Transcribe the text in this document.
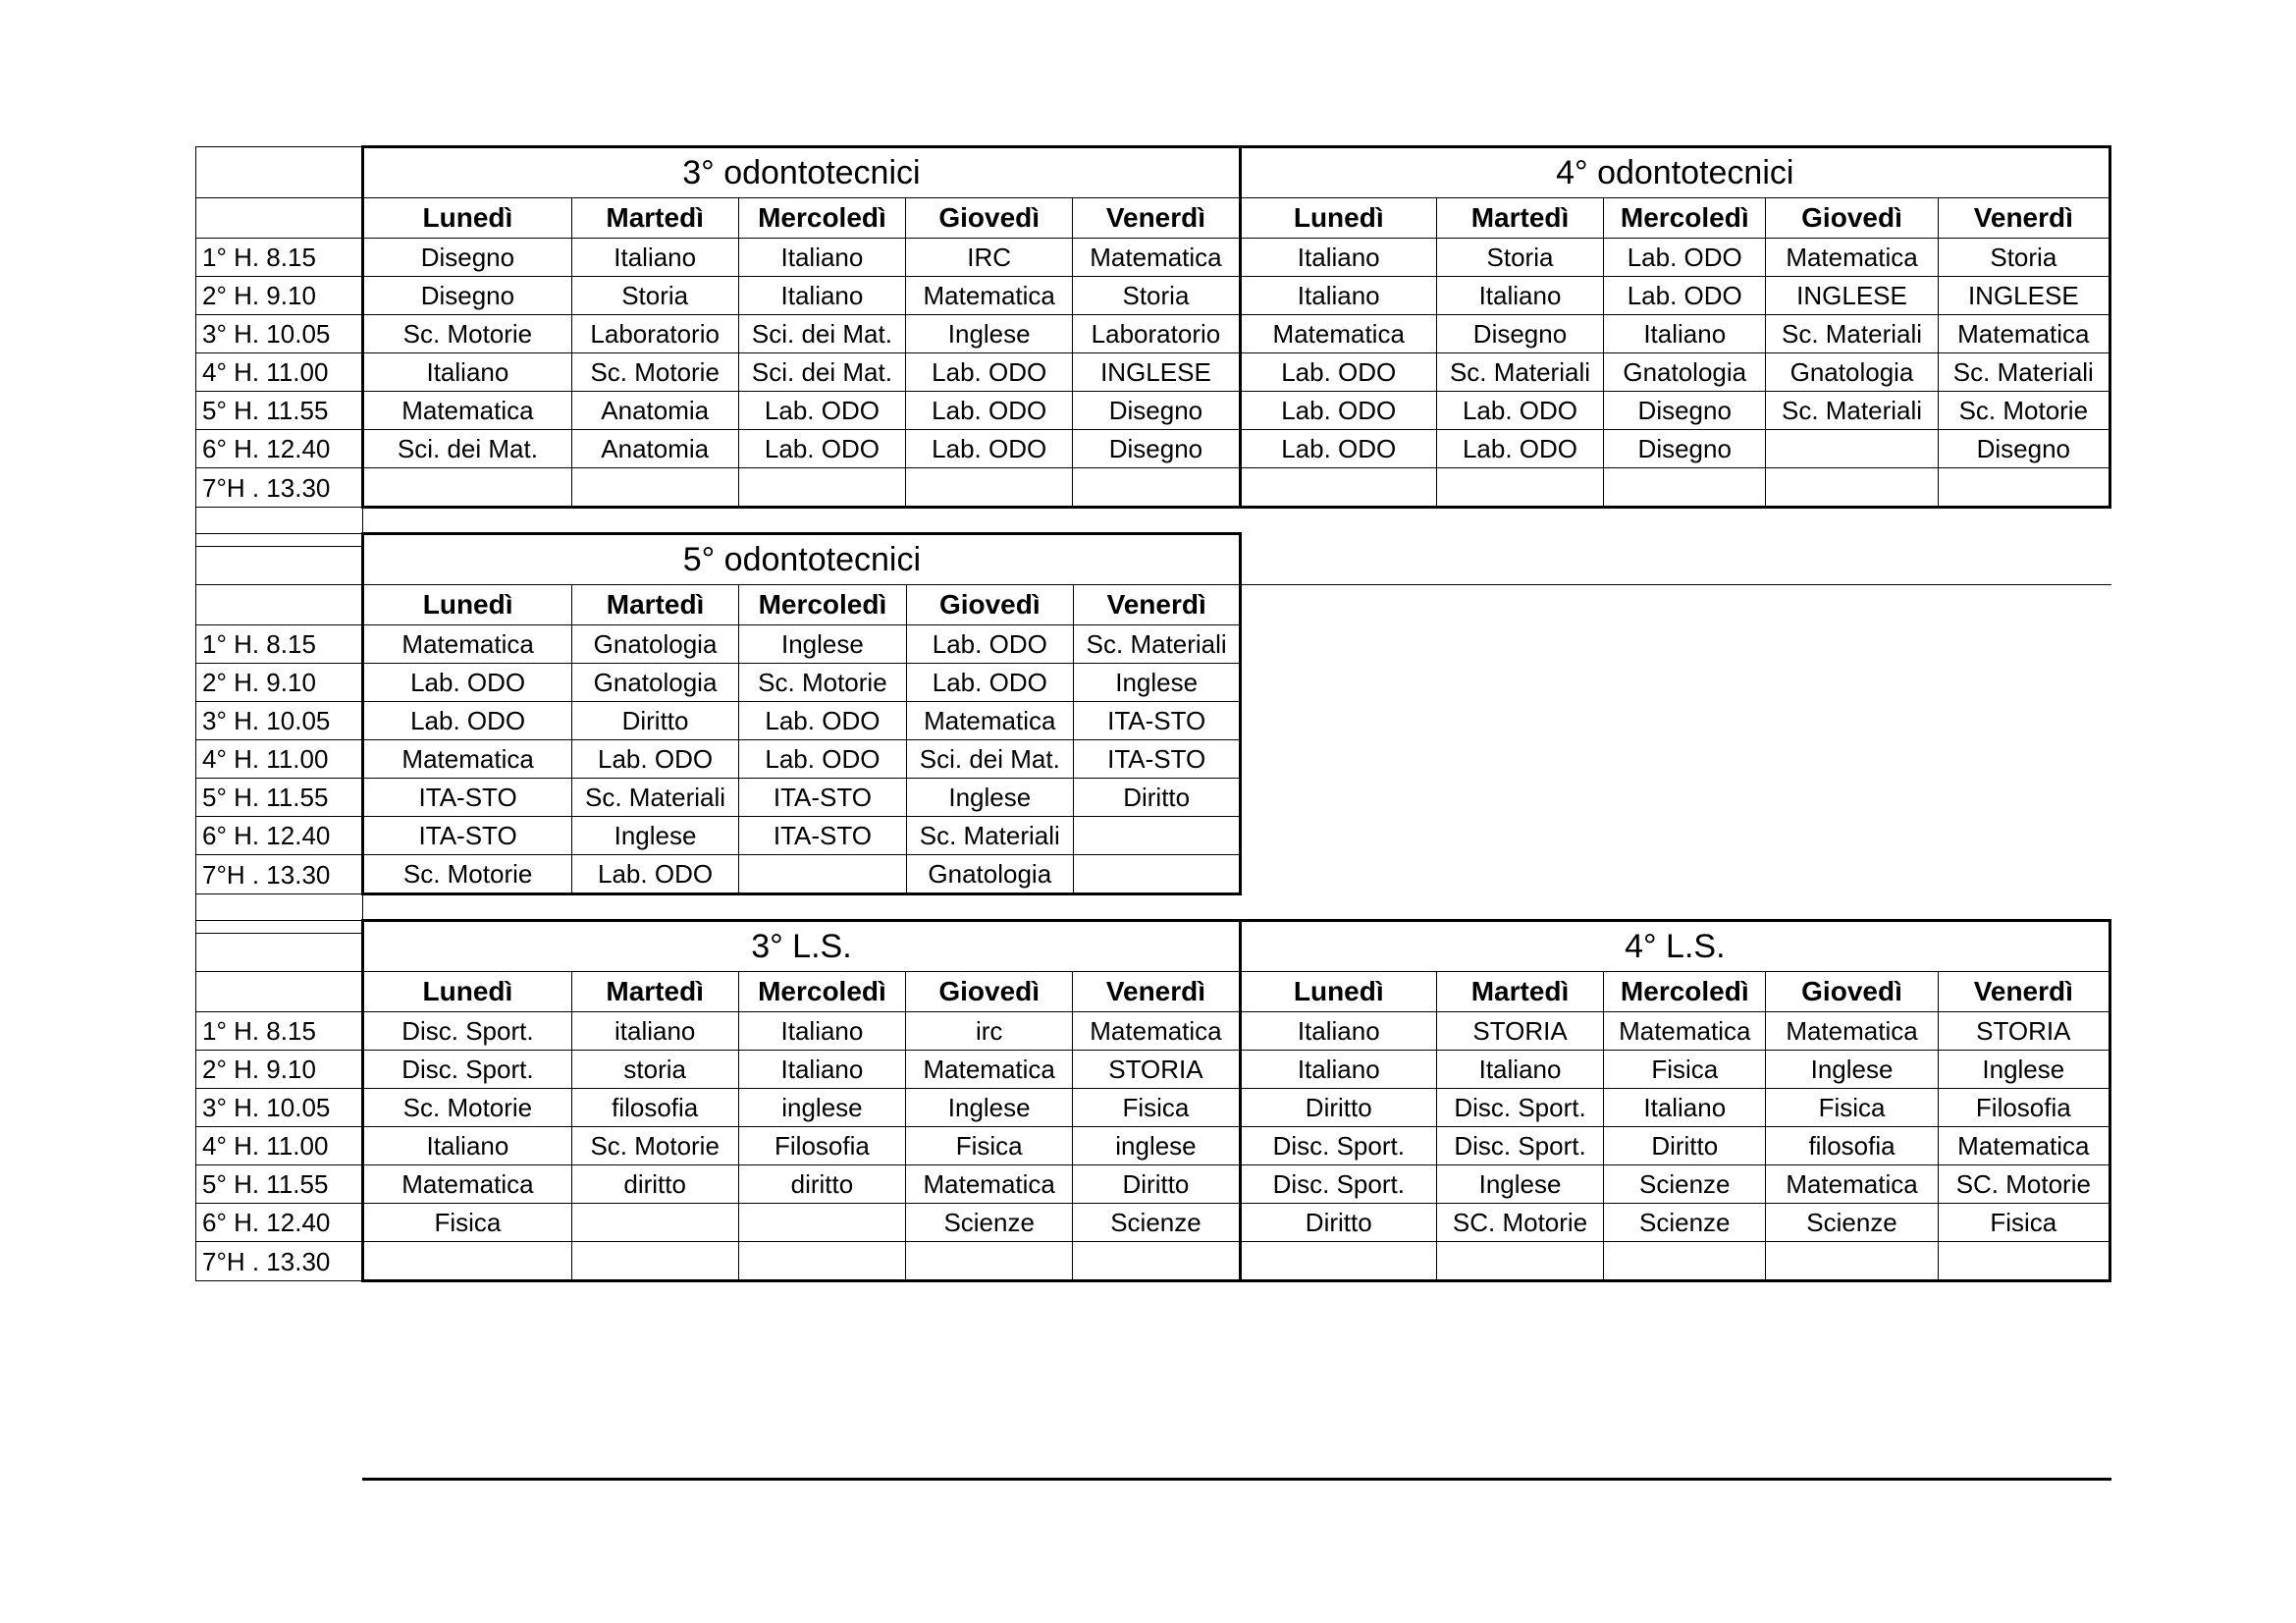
	3° odontotecnici					4° odontotecnici				
	Lunedì	Martedì	Mercoledì	Giovedì	Venerdì	Lunedì	Martedì	Mercoledì	Giovedì	Venerdì
1° H. 8.15	Disegno	Italiano	Italiano	IRC	Matematica	Italiano	Storia	Lab. ODO	Matematica	Storia
2° H. 9.10	Disegno	Storia	Italiano	Matematica	Storia	Italiano	Italiano	Lab. ODO	INGLESE	INGLESE
3° H. 10.05	Sc. Motorie	Laboratorio	Sci. dei Mat.	Inglese	Laboratorio	Matematica	Disegno	Italiano	Sc. Materiali	Matematica
4° H. 11.00	Italiano	Sc. Motorie	Sci. dei Mat.	Lab. ODO	INGLESE	Lab. ODO	Sc. Materiali	Gnatologia	Gnatologia	Sc. Materiali
5° H. 11.55	Matematica	Anatomia	Lab. ODO	Lab. ODO	Disegno	Lab. ODO	Lab. ODO	Disegno	Sc. Materiali	Sc. Motorie
6° H. 12.40	Sci. dei Mat.	Anatomia	Lab. ODO	Lab. ODO	Disegno	Lab. ODO	Lab. ODO	Disegno		Disegno
7°H . 13.30										

	5° odontotecnici									
	Lunedì	Martedì	Mercoledì	Giovedì	Venerdì					
1° H. 8.15	Matematica	Gnatologia	Inglese	Lab. ODO	Sc. Materiali					
2° H. 9.10	Lab. ODO	Gnatologia	Sc. Motorie	Lab. ODO	Inglese					
3° H. 10.05	Lab. ODO	Diritto	Lab. ODO	Matematica	ITA-STO					
4° H. 11.00	Matematica	Lab. ODO	Lab. ODO	Sci. dei Mat.	ITA-STO					
5° H. 11.55	ITA-STO	Sc. Materiali	ITA-STO	Inglese	Diritto					
6° H. 12.40	ITA-STO	Inglese	ITA-STO	Sc. Materiali						
7°H . 13.30	Sc. Motorie	Lab. ODO		Gnatologia						

	3° L.S.					4° L.S.				
	Lunedì	Martedì	Mercoledì	Giovedì	Venerdì	Lunedì	Martedì	Mercoledì	Giovedì	Venerdì
1° H. 8.15	Disc. Sport.	italiano	Italiano	irc	Matematica	Italiano	STORIA	Matematica	Matematica	STORIA
2° H. 9.10	Disc. Sport.	storia	Italiano	Matematica	STORIA	Italiano	Italiano	Fisica	Inglese	Inglese
3° H. 10.05	Sc. Motorie	filosofia	inglese	Inglese	Fisica	Diritto	Disc. Sport.	Italiano	Fisica	Filosofia
4° H. 11.00	Italiano	Sc. Motorie	Filosofia	Fisica	inglese	Disc. Sport.	Disc. Sport.	Diritto	filosofia	Matematica
5° H. 11.55	Matematica	diritto	diritto	Matematica	Diritto	Disc. Sport.	Inglese	Scienze	Matematica	SC. Motorie
6° H. 12.40	Fisica			Scienze	Scienze	Diritto	SC. Motorie	Scienze	Scienze	Fisica
7°H . 13.30										
